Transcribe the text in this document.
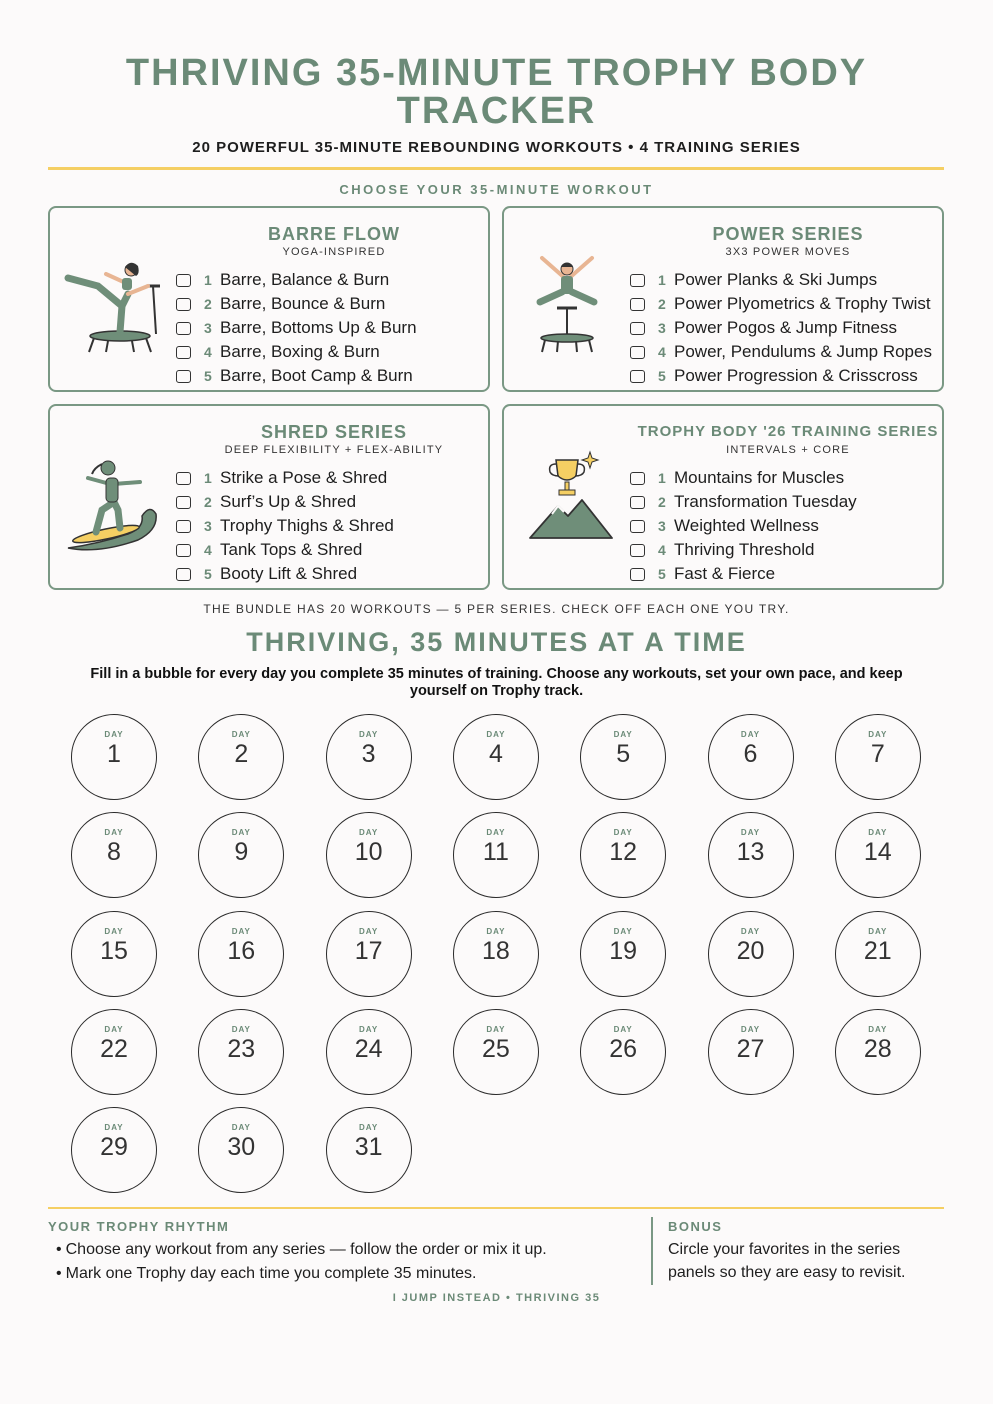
THRIVING 35-MINUTE TROPHY BODY
TRACKER
20 POWERFUL 35-MINUTE REBOUNDING WORKOUTS • 4 TRAINING SERIES
CHOOSE YOUR 35-MINUTE WORKOUT
BARRE FLOW
YOGA-INSPIRED
1 Barre, Balance & Burn
2 Barre, Bounce & Burn
3 Barre, Bottoms Up & Burn
4 Barre, Boxing & Burn
5 Barre, Boot Camp & Burn
POWER SERIES
3X3 POWER MOVES
1 Power Planks & Ski Jumps
2 Power Plyometrics & Trophy Twist
3 Power Pogos & Jump Fitness
4 Power, Pendulums & Jump Ropes
5 Power Progression & Crisscross
SHRED SERIES
DEEP FLEXIBILITY + FLEX-ABILITY
1 Strike a Pose & Shred
2 Surf’s Up & Shred
3 Trophy Thighs & Shred
4 Tank Tops & Shred
5 Booty Lift & Shred
TROPHY BODY '26 TRAINING SERIES
INTERVALS + CORE
1 Mountains for Muscles
2 Transformation Tuesday
3 Weighted Wellness
4 Thriving Threshold
5 Fast & Fierce
THE BUNDLE HAS 20 WORKOUTS — 5 PER SERIES. CHECK OFF EACH ONE YOU TRY.
THRIVING, 35 MINUTES AT A TIME
Fill in a bubble for every day you complete 35 minutes of training. Choose any workouts, set your own pace, and keep yourself on Trophy track.
DAY
1
DAY
2
DAY
3
DAY
4
DAY
5
DAY
6
DAY
7
DAY
8
DAY
9
DAY
10
DAY
11
DAY
12
DAY
13
DAY
14
DAY
15
DAY
16
DAY
17
DAY
18
DAY
19
DAY
20
DAY
21
DAY
22
DAY
23
DAY
24
DAY
25
DAY
26
DAY
27
DAY
28
DAY
29
DAY
30
DAY
31
YOUR TROPHY RHYTHM
• Choose any workout from any series — follow the order or mix it up.
• Mark one Trophy day each time you complete 35 minutes.
BONUS
Circle your favorites in the series panels so they are easy to revisit.
I JUMP INSTEAD • THRIVING 35
